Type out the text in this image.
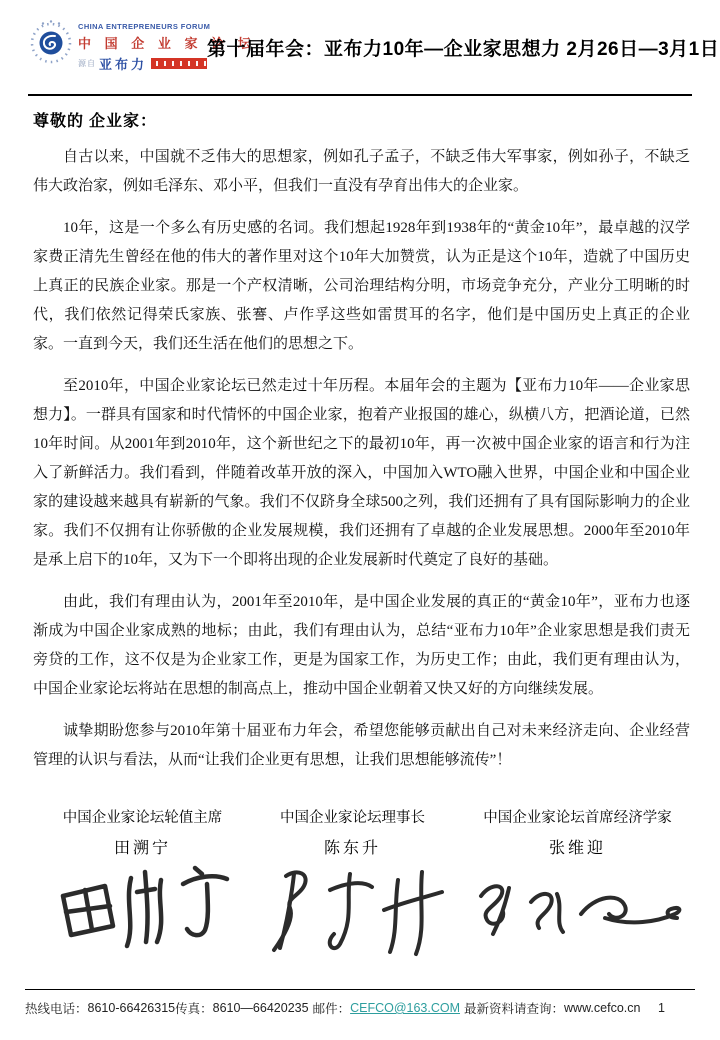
CHINA ENTREPRENEURS FORUM
中 国 企 业 家 论 坛
源自 亚布力
第十届年会：亚布力10年—企业家思想力 2月26日—3月1日
尊敬的 企业家：

自古以来，中国就不乏伟大的思想家，例如孔子孟子，不缺乏伟大军事家，例如孙子，不缺乏伟大政治家，例如毛泽东、邓小平，但我们一直没有孕育出伟大的企业家。

10年，这是一个多么有历史感的名词。我们想起1928年到1938年的“黄金10年”，最卓越的汉学家费正清先生曾经在他的伟大的著作里对这个10年大加赞赏，认为正是这个10年，造就了中国历史上真正的民族企业家。那是一个产权清晰，公司治理结构分明，市场竞争充分，产业分工明晰的时代，我们依然记得荣氏家族、张謇、卢作孚这些如雷贯耳的名字，他们是中国历史上真正的企业家。一直到今天，我们还生活在他们的思想之下。

至2010年，中国企业家论坛已然走过十年历程。本届年会的主题为【亚布力10年——企业家思想力】。一群具有国家和时代情怀的中国企业家，抱着产业报国的雄心，纵横八方，把酒论道，已然10年时间。从2001年到2010年，这个新世纪之下的最初10年，再一次被中国企业家的语言和行为注入了新鲜活力。我们看到，伴随着改革开放的深入，中国加入WTO融入世界，中国企业和中国企业家的建设越来越具有崭新的气象。我们不仅跻身全球500之列，我们还拥有了具有国际影响力的企业家。我们不仅拥有让你骄傲的企业发展规模，我们还拥有了卓越的企业发展思想。2000年至2010年是承上启下的10年，又为下一个即将出现的企业发展新时代奠定了良好的基础。

由此，我们有理由认为，2001年至2010年，是中国企业发展的真正的“黄金10年”，亚布力也逐渐成为中国企业家成熟的地标；由此，我们有理由认为，总结“亚布力10年”企业家思想是我们责无旁贷的工作，这不仅是为企业家工作，更是为国家工作，为历史工作；由此，我们更有理由认为，中国企业家论坛将站在思想的制高点上，推动中国企业朝着又快又好的方向继续发展。

诚挚期盼您参与2010年第十届亚布力年会，希望您能够贡献出自己对未来经济走向、企业经营管理的认识与看法，从而“让我们企业更有思想，让我们思想能够流传”！

中国企业家论坛轮值主席
田溯宁
中国企业家论坛理事长
陈东升
中国企业家论坛首席经济学家
张维迎
热线电话： 8610-66426315 传真： 8610—66420235 邮件： CEFCO@163.COM 最新资料请查询： www.cefco.cn 1
